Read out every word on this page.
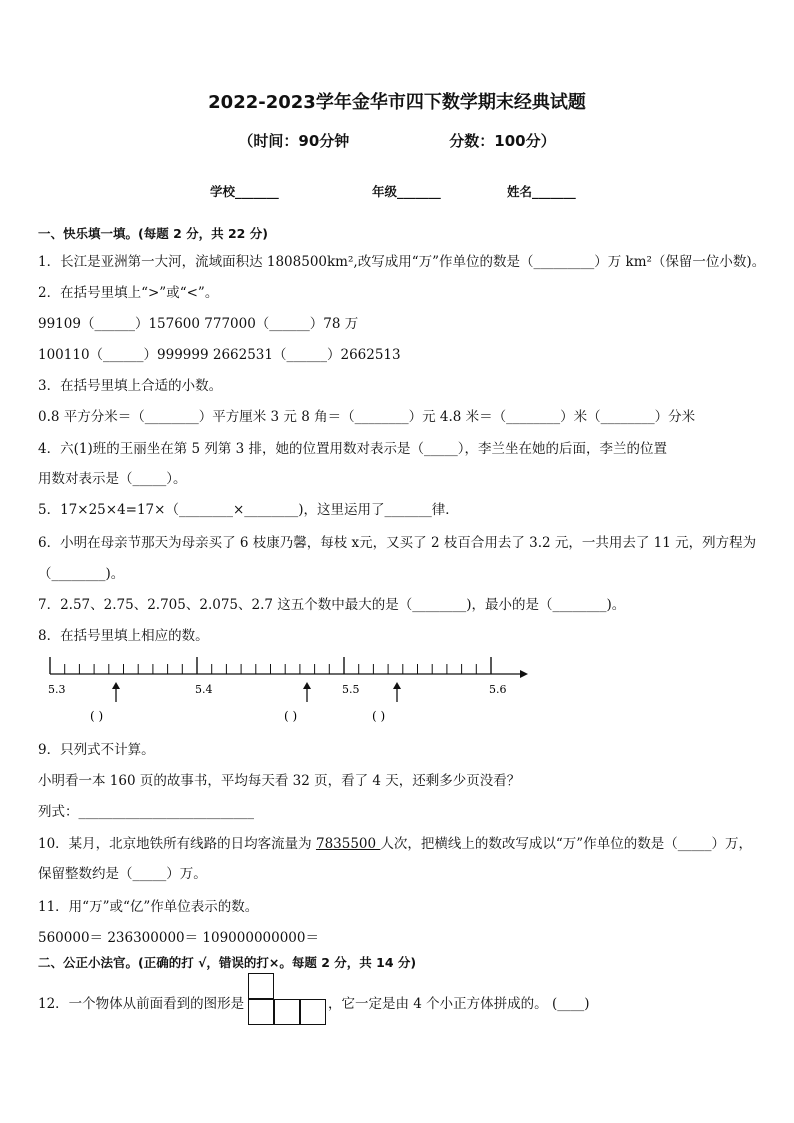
2022-2023学年金华市四下数学期末经典试题
（时间：90分钟	分数：100分）
学校_______	年级_______	姓名_______
一、快乐填一填。(每题 2 分，共 22 分)
1．长江是亚洲第一大河，流域面积达 1808500km²,改写成用“万”作单位的数是（_________）万 km²（保留一位小数)。
2．在括号里填上“>”或“<”。
99109（______）157600 777000（______）78 万
100110（______）999999 2662531（______）2662513
3．在括号里填上合适的小数。
0.8 平方分米＝（________）平方厘米 3 元 8 角＝（________）元 4.8 米＝（________）米（________）分米
4．六(1)班的王丽坐在第 5 列第 3 排，她的位置用数对表示是（_____），李兰坐在她的后面，李兰的位置
用数对表示是（_____）。
5．17×25×4=17×（________×________)，这里运用了_______律．
6．小明在母亲节那天为母亲买了 6 枝康乃馨，每枝 x元，又买了 2 枝百合用去了 3.2 元，一共用去了 11 元，列方程为
（________)。
7．2.57、2.75、2.705、2.075、2.7 这五个数中最大的是（________)，最小的是（________)。
8．在括号里填上相应的数。
5.3	5.4	5.5	5.6
( )	( )	( )
9．只列式不计算。
小明看一本 160 页的故事书，平均每天看 32 页，看了 4 天，还剩多少页没看？
列式：__________________________
10．某月，北京地铁所有线路的日均客流量为 7835500 人次，把横线上的数改写成以“万”作单位的数是（_____）万，
保留整数约是（_____）万。
11．用“万”或“亿”作单位表示的数。
560000＝ 236300000＝ 109000000000＝
二、公正小法官。(正确的打 √，错误的打×。每题 2 分，共 14 分)
12．一个物体从前面看到的图形是	，它一定是由 4 个小正方体拼成的。 (____)
